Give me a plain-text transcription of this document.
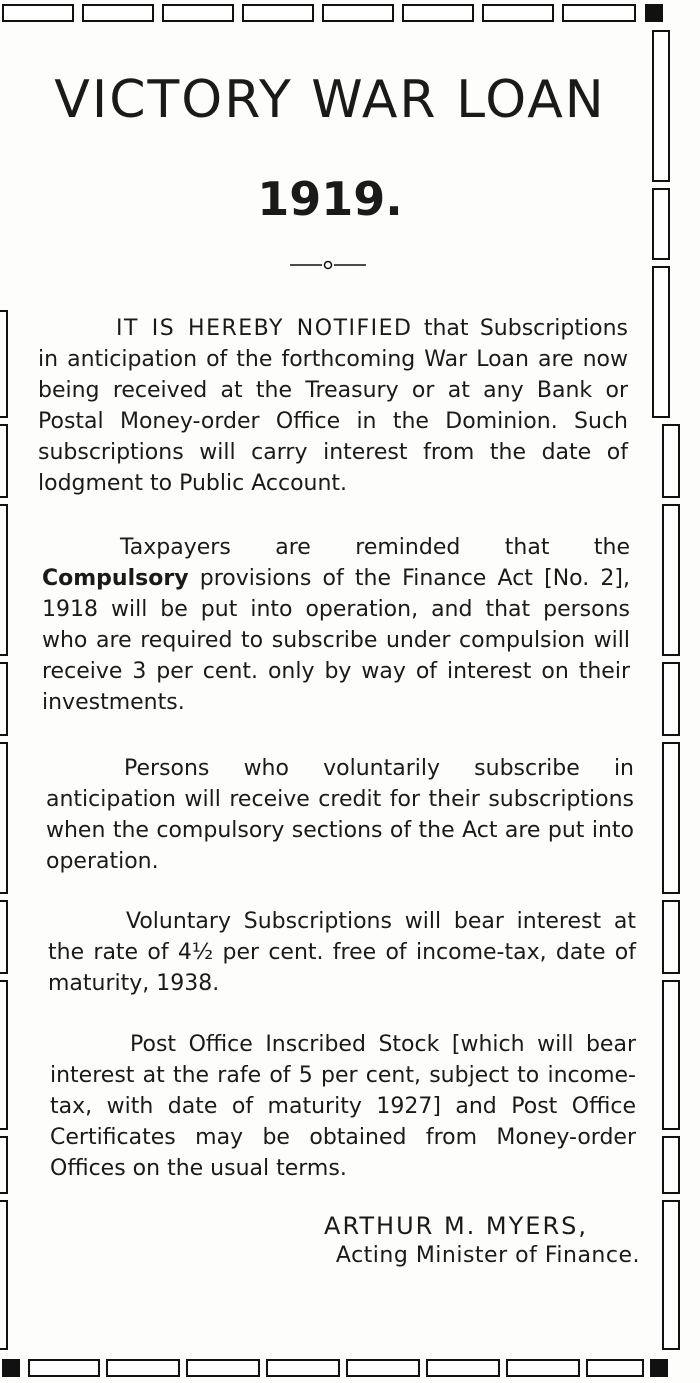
VICTORY WAR LOAN
1919.

IT IS HEREBY NOTIFIED that Subscriptions in anticipation of the forthcoming War Loan are now being received at the Treasury or at any Bank or Postal Money-order Office in the Dominion. Such subscriptions will carry interest from the date of lodgment to Public Account.

Taxpayers are reminded that the Compulsory provisions of the Finance Act [No. 2], 1918 will be put into operation, and that persons who are required to subscribe under compulsion will receive 3 per cent. only by way of interest on their investments.

Persons who voluntarily subscribe in anticipation will receive credit for their subscriptions when the compulsory sections of the Act are put into operation.

Voluntary Subscriptions will bear interest at the rate of 4½ per cent. free of income-tax, date of maturity, 1938.

Post Office Inscribed Stock [which will bear interest at the rafe of 5 per cent, subject to income-tax, with date of maturity 1927] and Post Office Certificates may be obtained from Money-order Offices on the usual terms.

ARTHUR M. MYERS,

Acting Minister of Finance.
